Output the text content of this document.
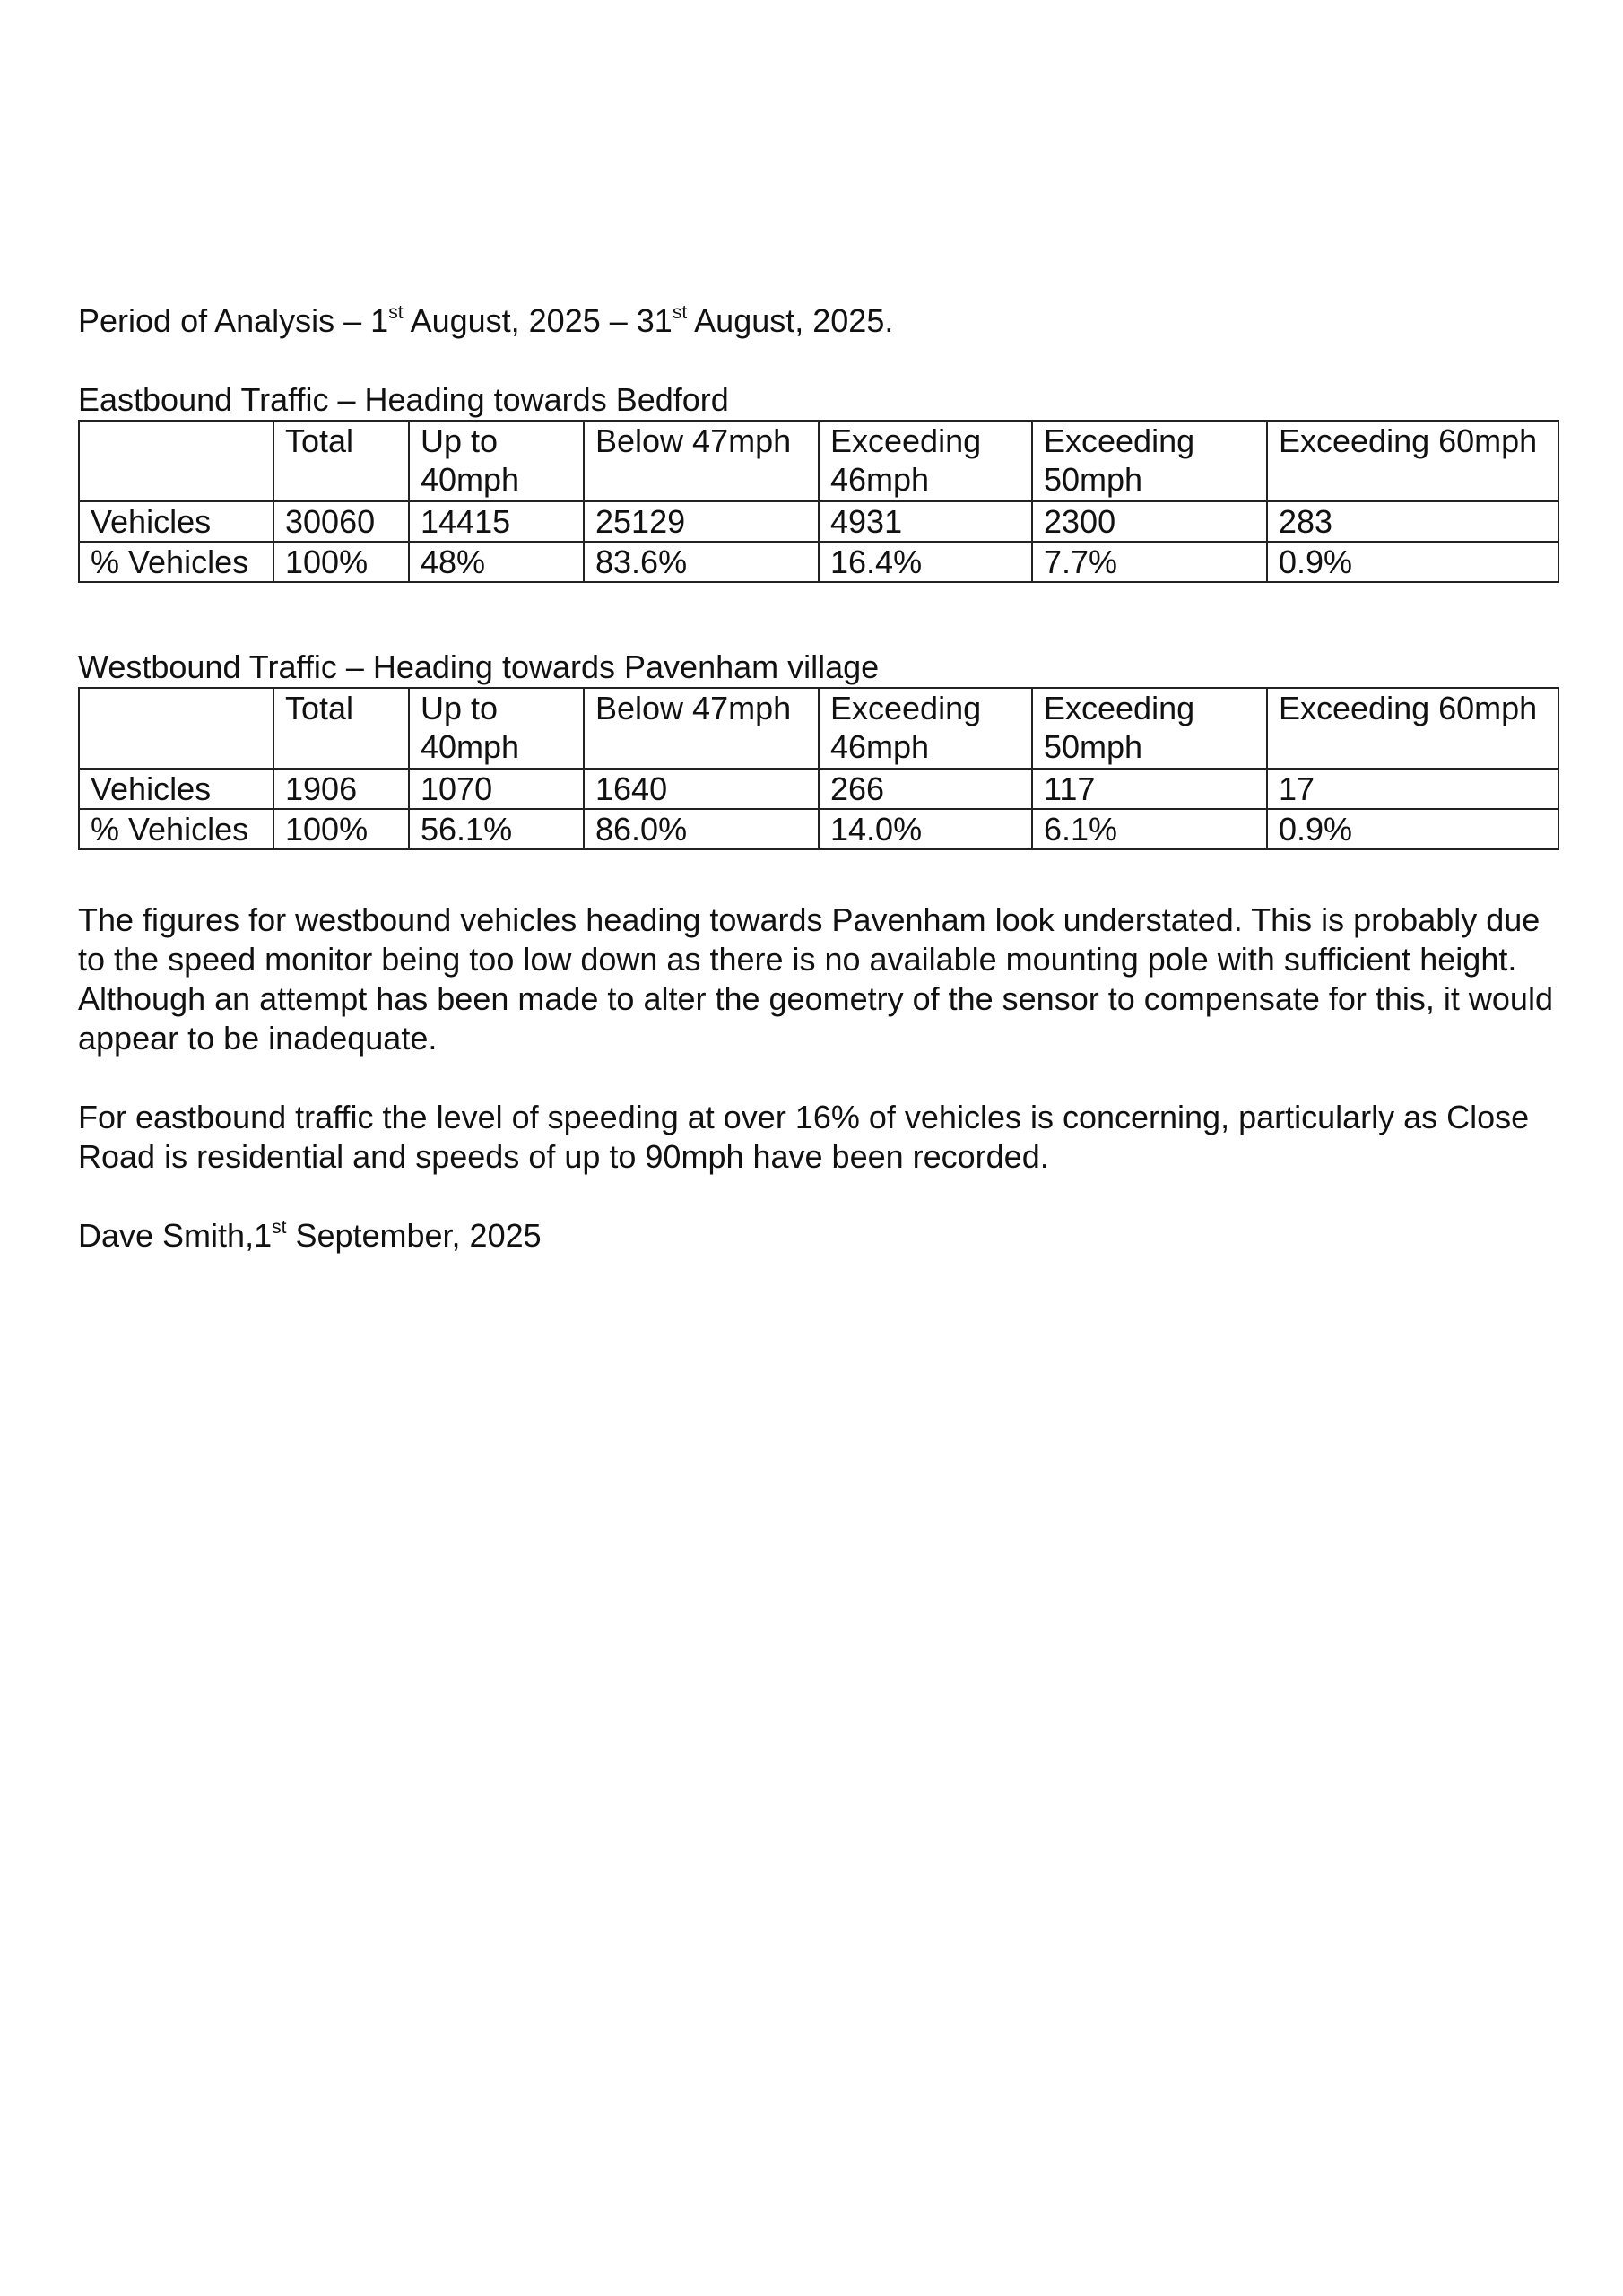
Period of Analysis – 1st August, 2025 – 31st August, 2025.

Eastbound Traffic – Heading towards Bedford

	Total	Up to 40mph	Below 47mph	Exceeding 46mph	Exceeding 50mph	Exceeding 60mph
Vehicles	30060	14415	25129	4931	2300	283
% Vehicles	100%	48%	83.6%	16.4%	7.7%	0.9%

Westbound Traffic – Heading towards Pavenham village

	Total	Up to 40mph	Below 47mph	Exceeding 46mph	Exceeding 50mph	Exceeding 60mph
Vehicles	1906	1070	1640	266	117	17
% Vehicles	100%	56.1%	86.0%	14.0%	6.1%	0.9%

The figures for westbound vehicles heading towards Pavenham look understated. This is probably due to the speed monitor being too low down as there is no available mounting pole with sufficient height. Although an attempt has been made to alter the geometry of the sensor to compensate for this, it would appear to be inadequate.

For eastbound traffic the level of speeding at over 16% of vehicles is concerning, particularly as Close Road is residential and speeds of up to 90mph have been recorded.

Dave Smith,1st September, 2025
